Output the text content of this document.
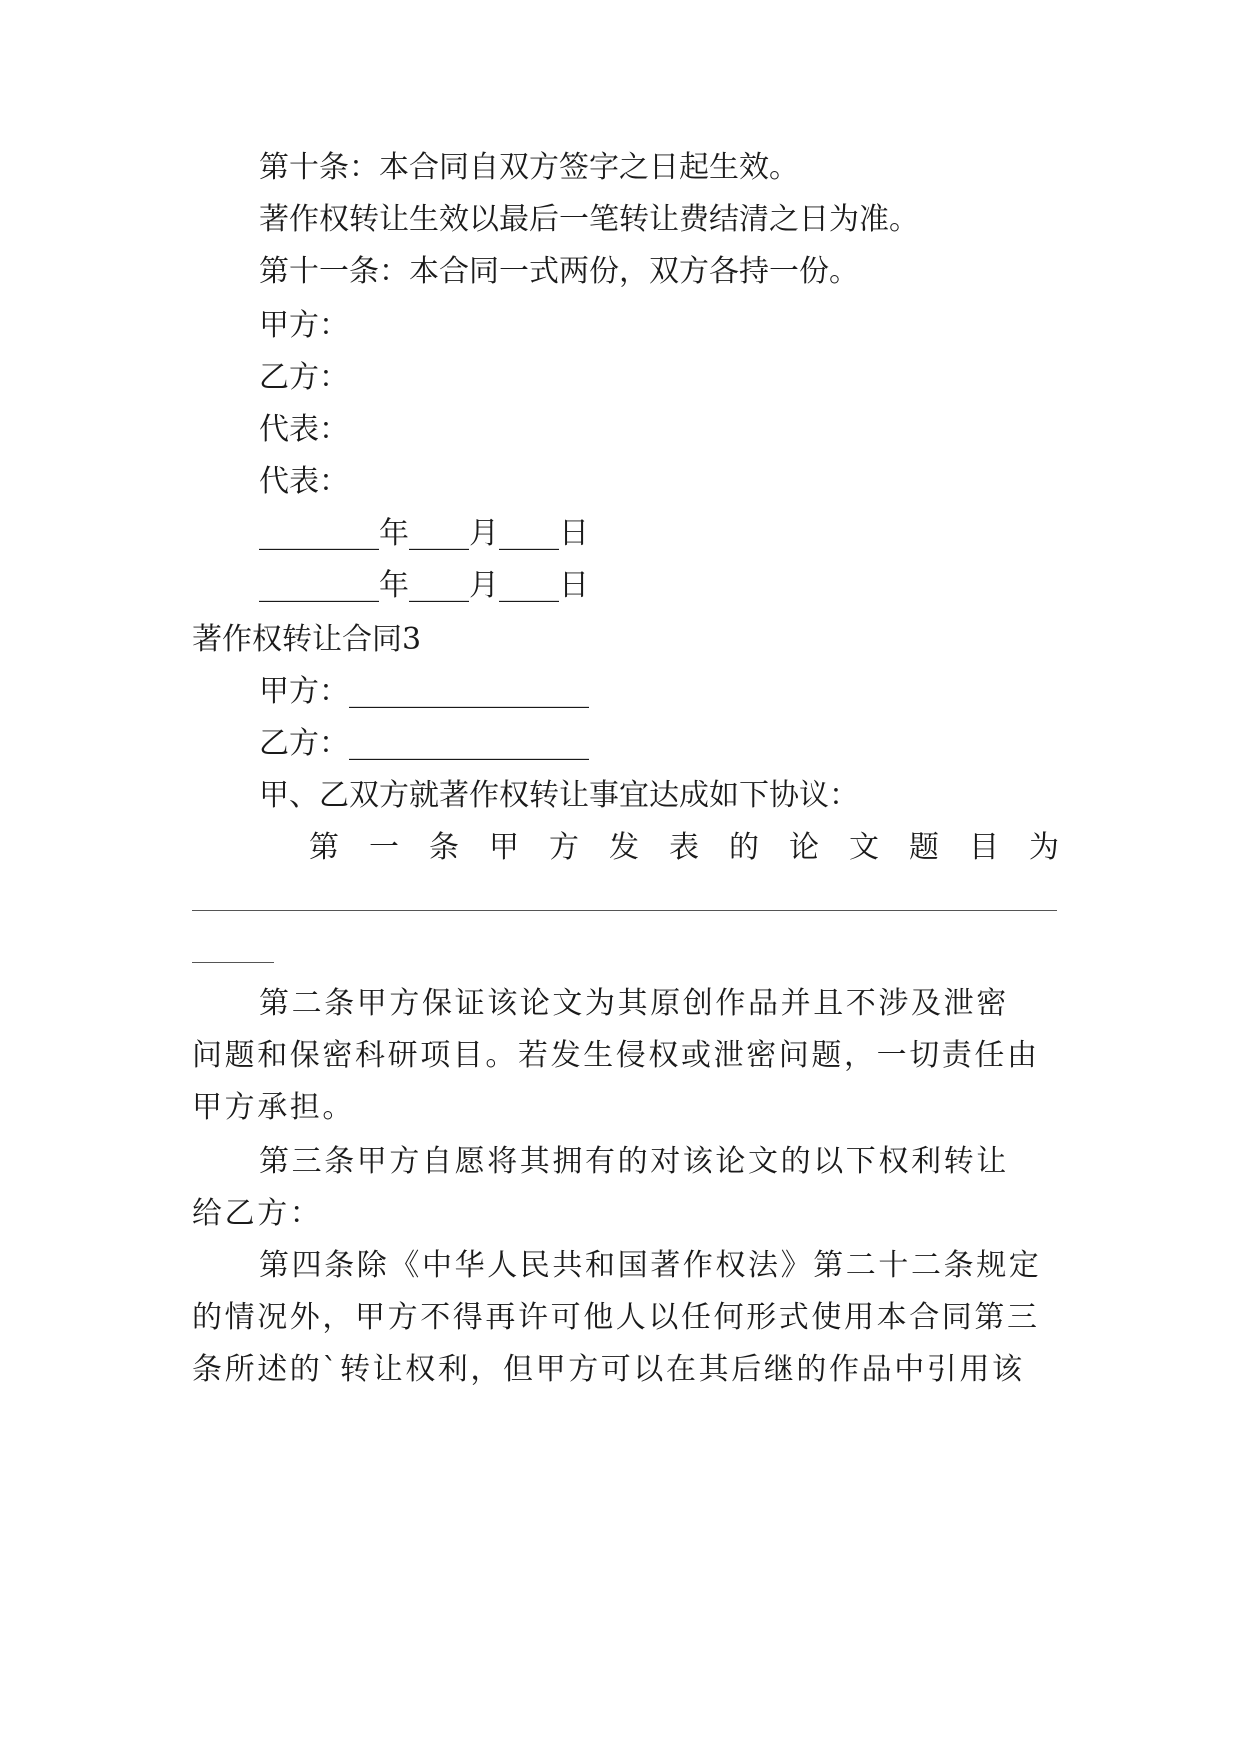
第十条：本合同自双方签字之日起生效。
著作权转让生效以最后一笔转让费结清之日为准。
第十一条：本合同一式两份，双方各持一份。
甲方：
乙方：
代表：
代表：
________年____月____日
________年____月____日
著作权转让合同3
甲方：________________
乙方：________________
甲、乙双方就著作权转让事宜达成如下协议：
第 一 条 甲 方 发 表 的 论 文 题 目 为
第二条甲方保证该论文为其原创作品并且不涉及泄密
问题和保密科研项目。若发生侵权或泄密问题，一切责任由
甲方承担。
第三条甲方自愿将其拥有的对该论文的以下权利转让
给乙方：
第四条除《中华人民共和国著作权法》第二十二条规定
的情况外，甲方不得再许可他人以任何形式使用本合同第三
条所述的`转让权利，但甲方可以在其后继的作品中引用该
